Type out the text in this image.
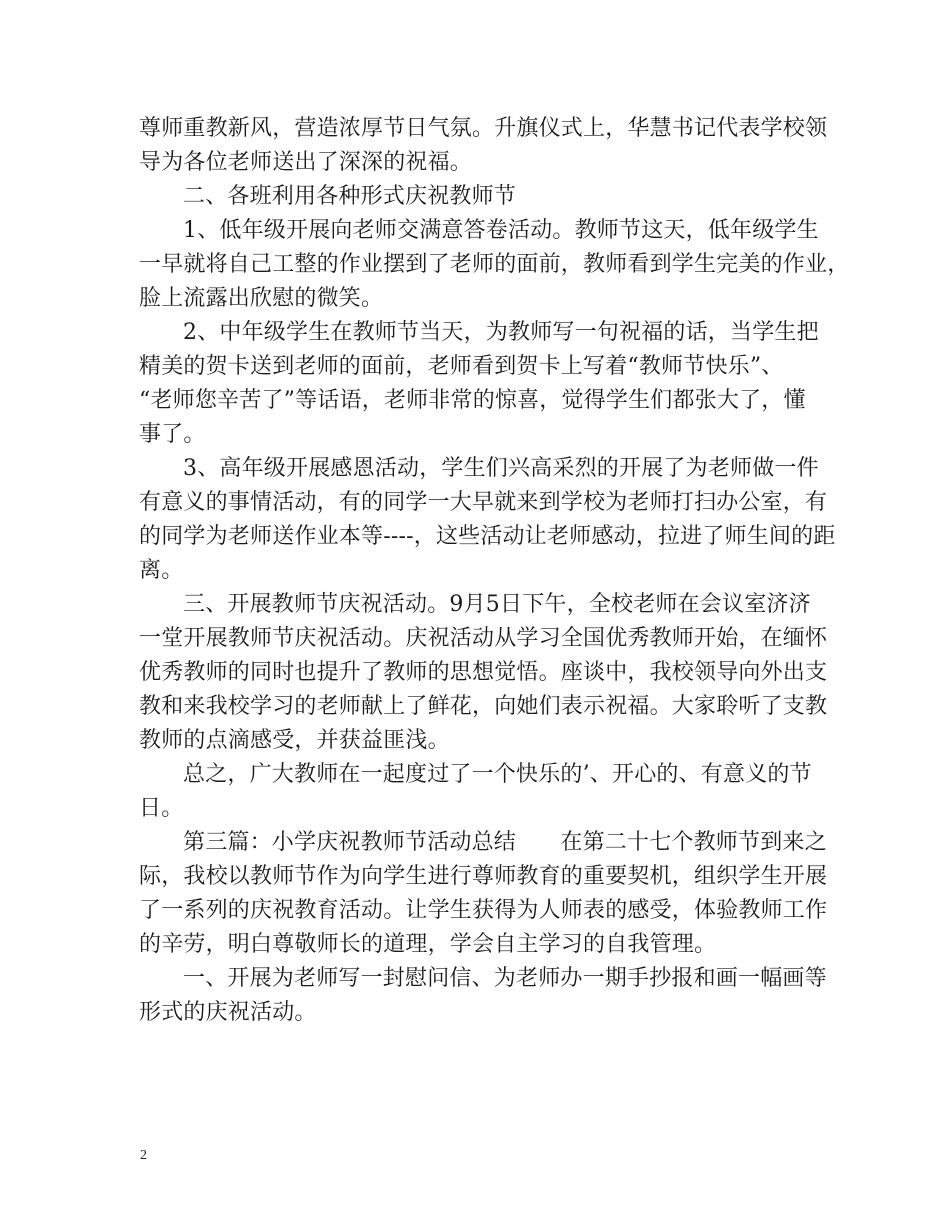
尊师重教新风，营造浓厚节日气氛。升旗仪式上，华慧书记代表学校领
导为各位老师送出了深深的祝福。
二、各班利用各种形式庆祝教师节
1、低年级开展向老师交满意答卷活动。教师节这天，低年级学生
一早就将自己工整的作业摆到了老师的面前，教师看到学生完美的作业，
脸上流露出欣慰的微笑。
2、中年级学生在教师节当天，为教师写一句祝福的话，当学生把
精美的贺卡送到老师的面前，老师看到贺卡上写着“教师节快乐”、
“老师您辛苦了”等话语，老师非常的惊喜，觉得学生们都张大了，懂
事了。
3、高年级开展感恩活动，学生们兴高采烈的开展了为老师做一件
有意义的事情活动，有的同学一大早就来到学校为老师打扫办公室，有
的同学为老师送作业本等----，这些活动让老师感动，拉进了师生间的距
离。
三、开展教师节庆祝活动。9月5日下午，全校老师在会议室济济
一堂开展教师节庆祝活动。庆祝活动从学习全国优秀教师开始，在缅怀
优秀教师的同时也提升了教师的思想觉悟。座谈中，我校领导向外出支
教和来我校学习的老师献上了鲜花，向她们表示祝福。大家聆听了支教
教师的点滴感受，并获益匪浅。
总之，广大教师在一起度过了一个快乐的’、开心的、有意义的节
日。
第三篇：小学庆祝教师节活动总结　　在第二十七个教师节到来之
际，我校以教师节作为向学生进行尊师教育的重要契机，组织学生开展
了一系列的庆祝教育活动。让学生获得为人师表的感受，体验教师工作
的辛劳，明白尊敬师长的道理，学会自主学习的自我管理。
一、开展为老师写一封慰问信、为老师办一期手抄报和画一幅画等
形式的庆祝活动。
2
